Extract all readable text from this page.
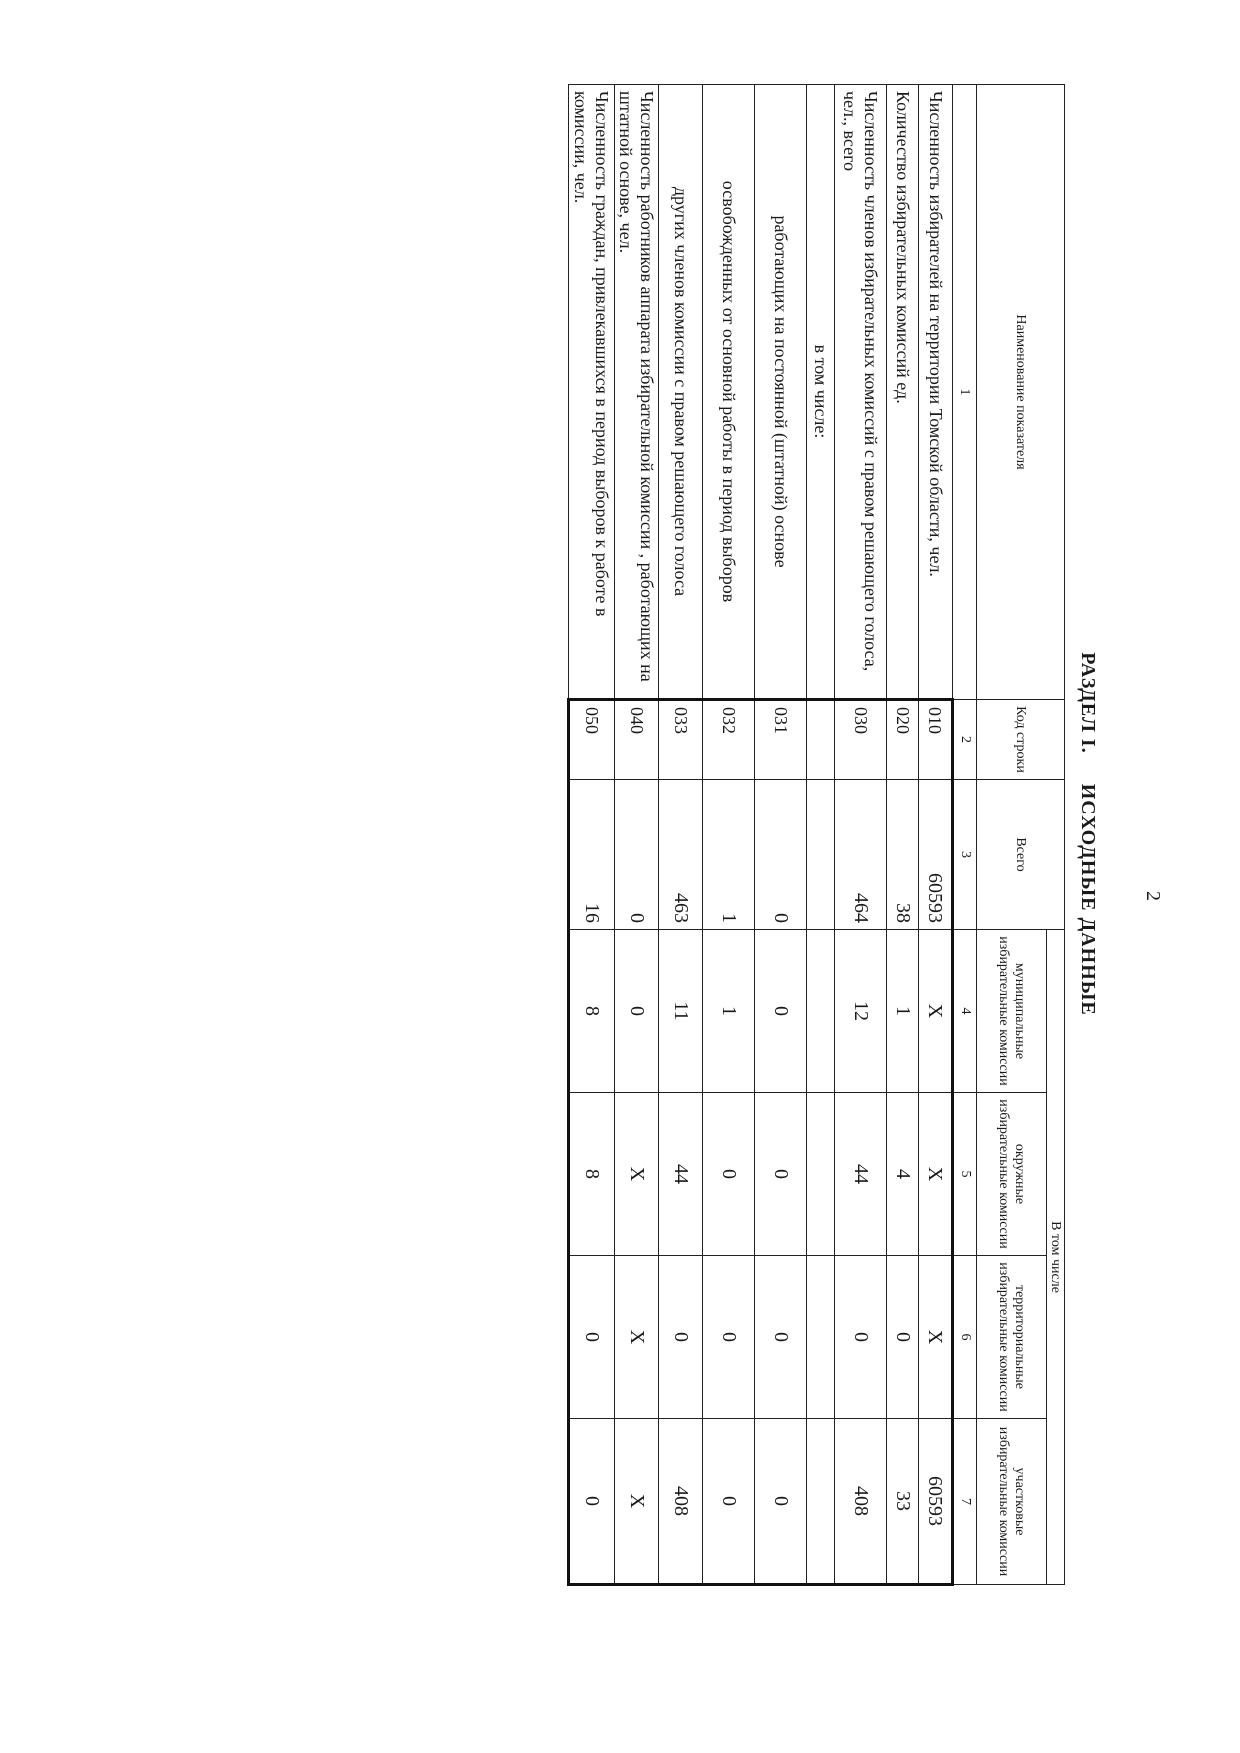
2
РАЗДЕЛ I.ИСХОДНЫЕ ДАННЫЕ
Наименование показателя	Код строки	Всего	В том числе			
			муниципальные избирательные комиссии	окружные избирательные комиссии	территориальные избирательные комиссии	участковые избирательные комиссии
1	2	3	4	5	6	7
Численность избирателей на территории Томской области, чел.	010	60593	X	X	X	60593
Количество избирательных комиссий ед.	020	38	1	4	0	33
Численность членов избирательных комиссий с правом решающего голоса, чел., всего	030	464	12	44	0	408
в том числе:						
работающих на постоянной (штатной) основе	031	0	0	0	0	0
освобожденных от основной работы в период выборов	032	1	1	0	0	0
других членов комиссии с правом решающего голоса	033	463	11	44	0	408
Численность работников аппарата избирательной комиссии , работающих на штатной основе, чел.	040	0	0	X	X	X
Численность граждан, привлекавшихся в период выборов к работе в комиссии, чел.	050	16	8	8	0	0
